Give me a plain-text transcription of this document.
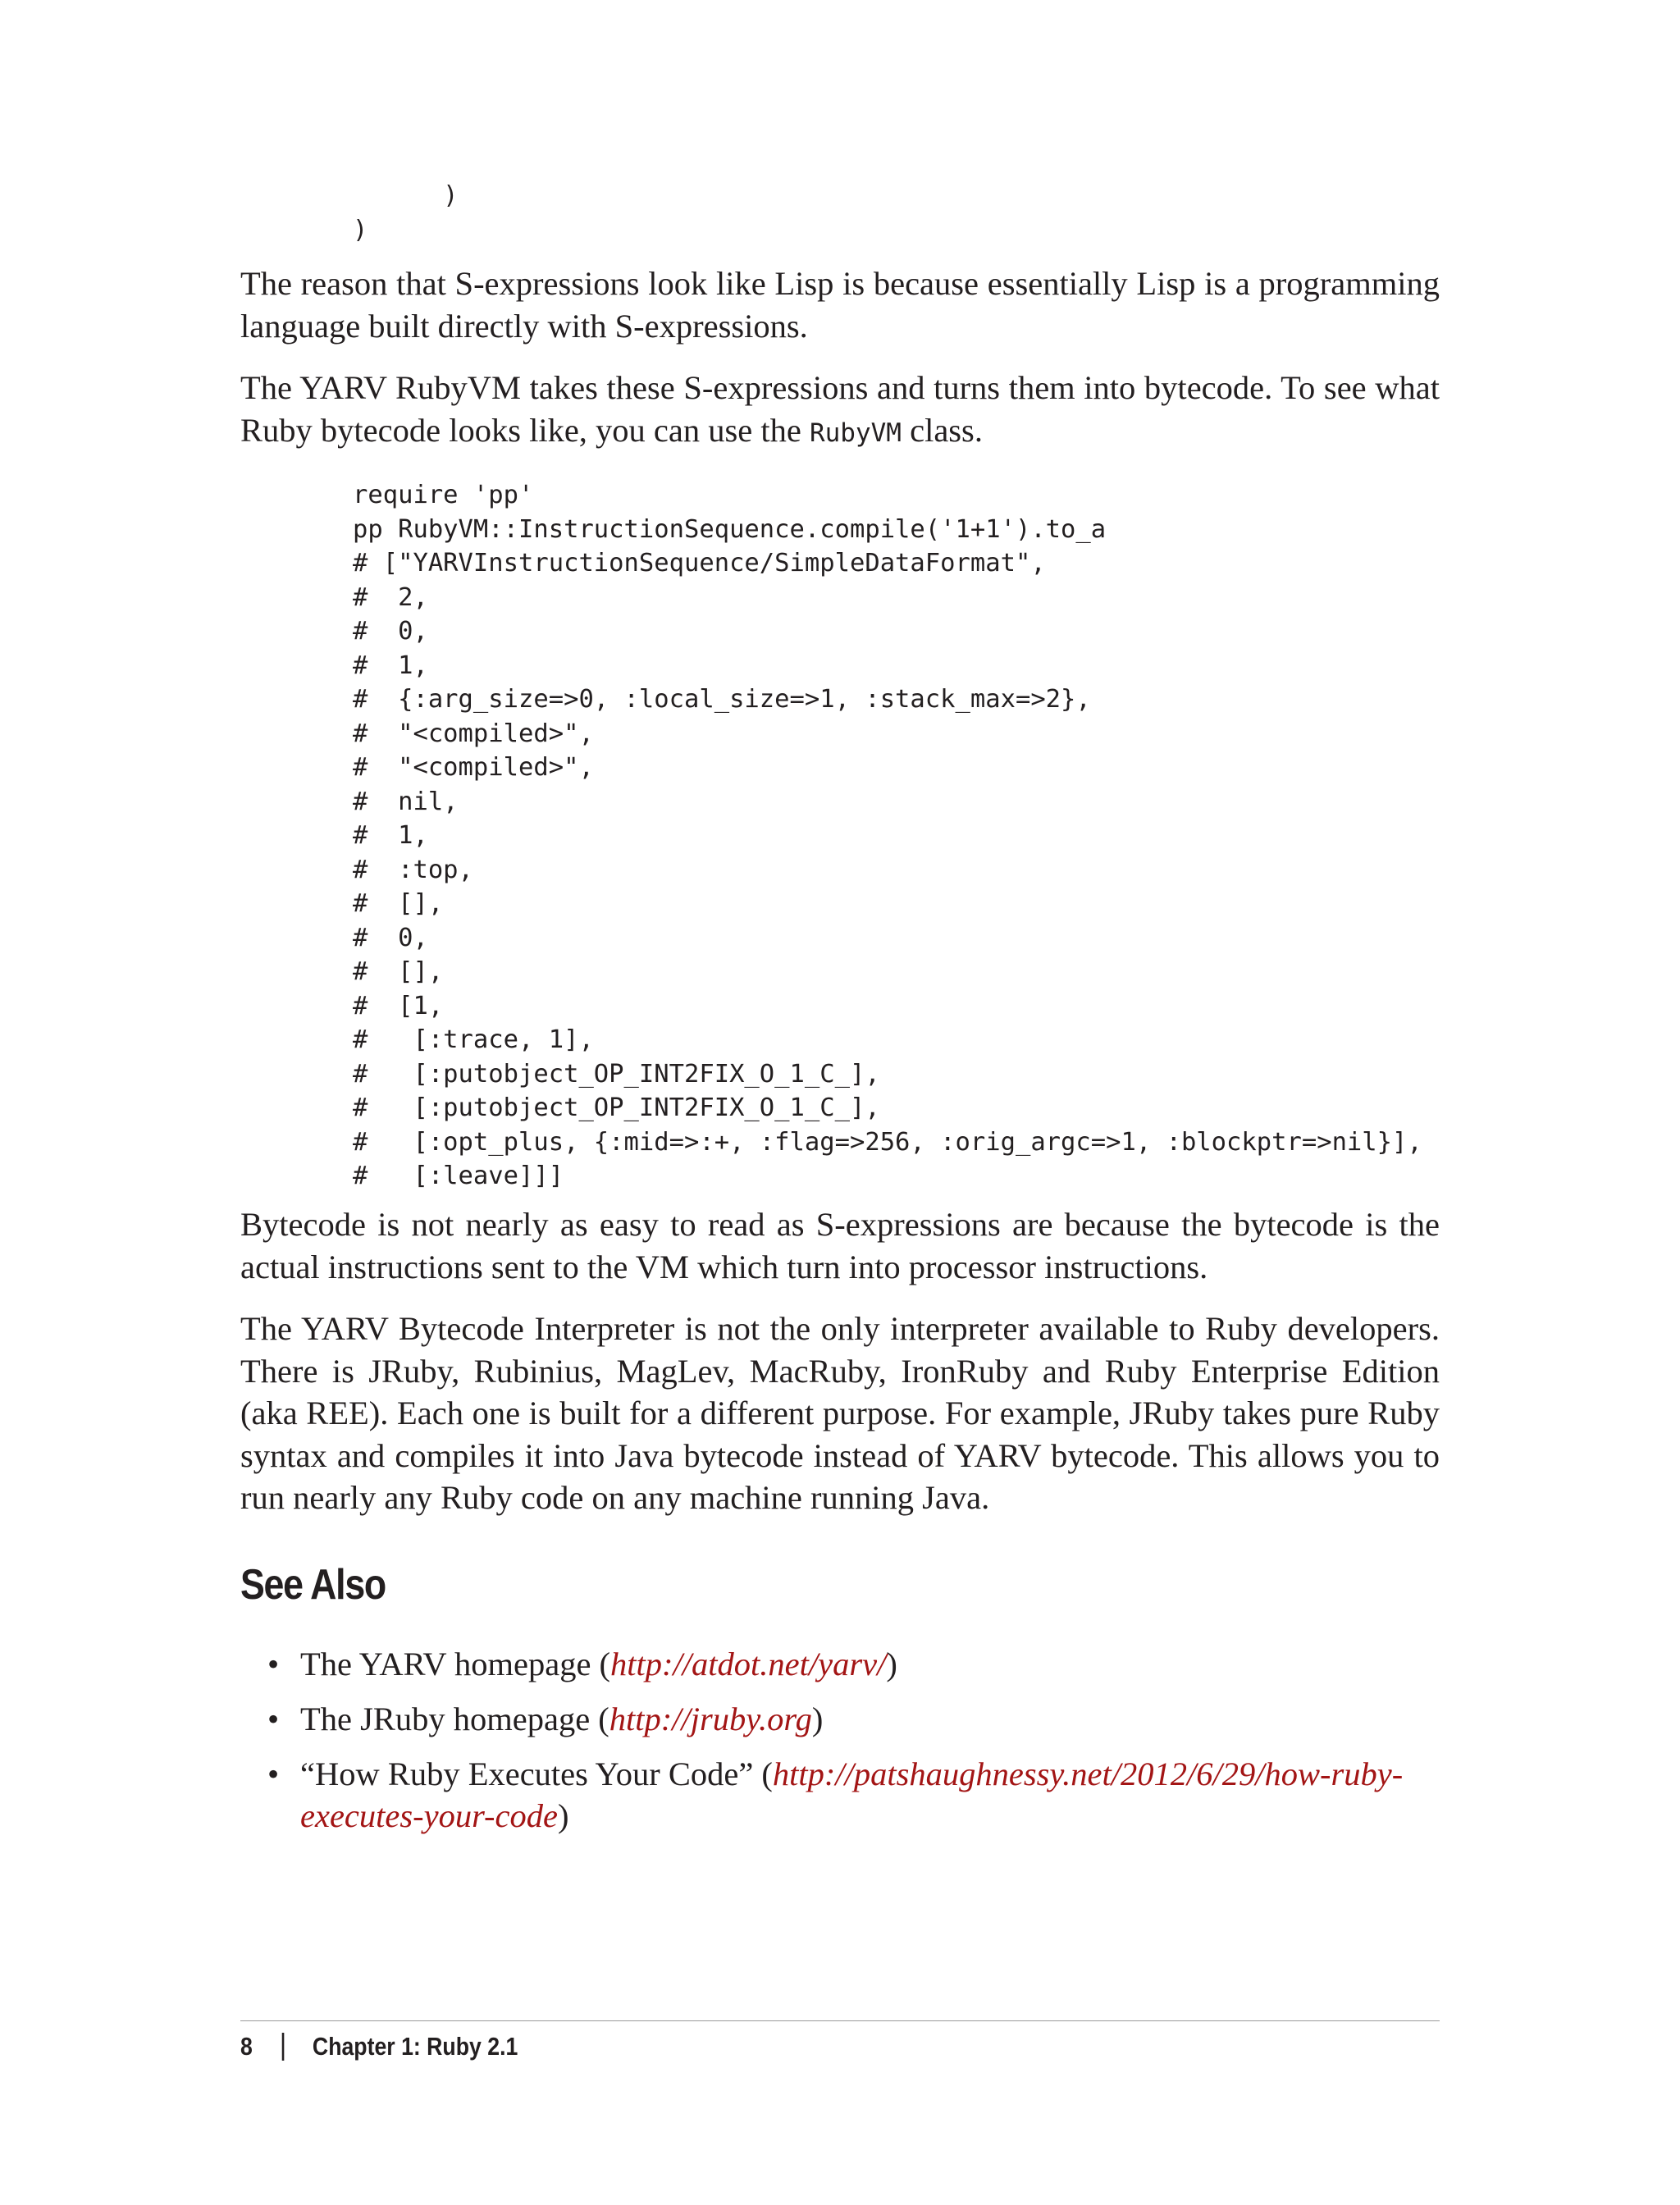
)
)

The reason that S-expressions look like Lisp is because essentially Lisp is a programming language built directly with S-expressions.

The YARV RubyVM takes these S-expressions and turns them into bytecode. To see what Ruby bytecode looks like, you can use the RubyVM class.

require 'pp'
pp RubyVM::InstructionSequence.compile('1+1').to_a
# ["YARVInstructionSequence/SimpleDataFormat",
#  2,
#  0,
#  1,
#  {:arg_size=>0, :local_size=>1, :stack_max=>2},
#  "<compiled>",
#  "<compiled>",
#  nil,
#  1,
#  :top,
#  [],
#  0,
#  [],
#  [1,
#   [:trace, 1],
#   [:putobject_OP_INT2FIX_O_1_C_],
#   [:putobject_OP_INT2FIX_O_1_C_],
#   [:opt_plus, {:mid=>:+, :flag=>256, :orig_argc=>1, :blockptr=>nil}],
#   [:leave]]]

Bytecode is not nearly as easy to read as S-expressions are because the bytecode is the actual instructions sent to the VM which turn into processor instructions.

The YARV Bytecode Interpreter is not the only interpreter available to Ruby developers. There is JRuby, Rubinius, MagLev, MacRuby, IronRuby and Ruby Enterprise Edition (aka REE). Each one is built for a different purpose. For example, JRuby takes pure Ruby syntax and compiles it into Java bytecode instead of YARV bytecode. This allows you to run nearly any Ruby code on any machine running Java.

See Also
• The YARV homepage (http://atdot.net/yarv/)
• The JRuby homepage (http://jruby.org)
• “How Ruby Executes Your Code” (http://patshaughnessy.net/2012/6/29/how-ruby-executes-your-code)
8 Chapter 1: Ruby 2.1
